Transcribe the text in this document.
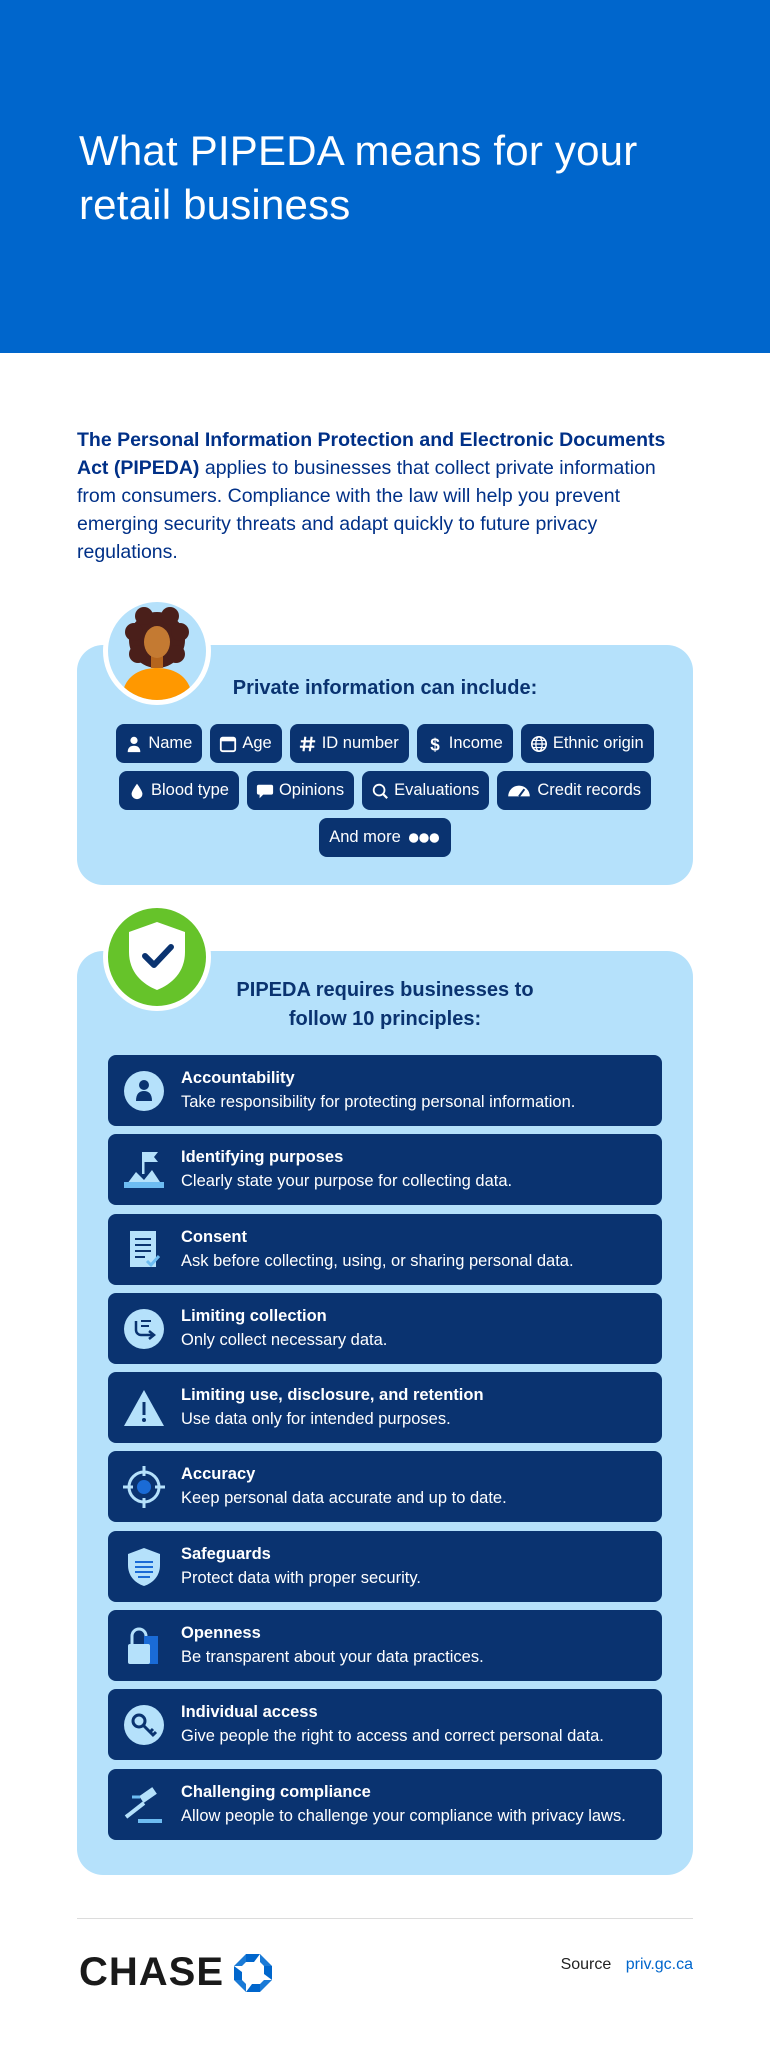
What PIPEDA means for your retail business

The Personal Information Protection and Electronic Documents Act (PIPEDA) applies to businesses that collect private information from consumers. Compliance with the law will help you prevent emerging security threats and adapt quickly to future privacy regulations.

Private information can include:
Name	Age	ID number $ Income	Ethnic origin
Blood type	Opinions	Evaluations	Credit records
And more
PIPEDA requires businesses to
follow 10 principles:
Accountability
Take responsibility for protecting personal information.
Identifying purposes
Clearly state your purpose for collecting data.
Consent
Ask before collecting, using, or sharing personal data.
Limiting collection
Only collect necessary data.
Limiting use, disclosure, and retention
Use data only for intended purposes.
Accuracy
Keep personal data accurate and up to date.
Safeguards
Protect data with proper security.
Openness
Be transparent about your data practices.
Individual access
Give people the right to access and correct personal data.
Challenging compliance
Allow people to challenge your compliance with privacy laws.
CHASE	Source priv.gc.ca
